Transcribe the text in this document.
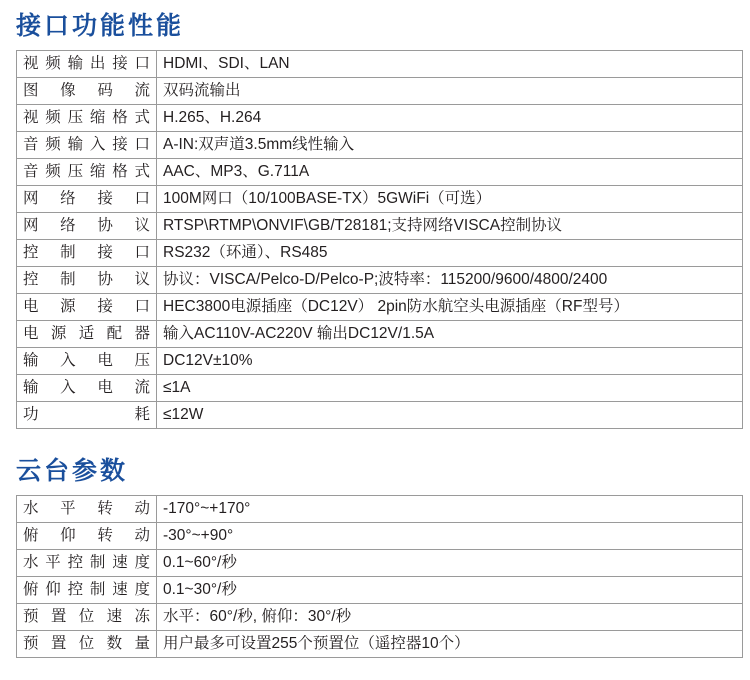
接口功能性能
视频输出接口	HDMI、SDI、LAN
图像码流	双码流输出
视频压缩格式	H.265、H.264
音频输入接口	A-IN:双声道3.5mm线性输入
音频压缩格式	AAC、MP3、G.711A
网络接口	100M网口（10/100BASE-TX）5GWiFi（可选）
网络协议	RTSP\RTMP\ONVIF\GB/T28181;支持网络VISCA控制协议
控制接口	RS232（环通）、RS485
控制协议	协议：VISCA/Pelco-D/Pelco-P;波特率：115200/9600/4800/2400
电源接口	HEC3800电源插座（DC12V） 2pin防水航空头电源插座（RF型号）
电源适配器	输入AC110V-AC220V 输出DC12V/1.5A
输入电压	DC12V±10%
输入电流	≤1A
功耗	≤12W
云台参数
水平转动	-170°~+170°
俯仰转动	-30°~+90°
水平控制速度	0.1~60°/秒
俯仰控制速度	0.1~30°/秒
预置位速冻	水平：60°/秒, 俯仰：30°/秒
预置位数量	用户最多可设置255个预置位（遥控器10个）
